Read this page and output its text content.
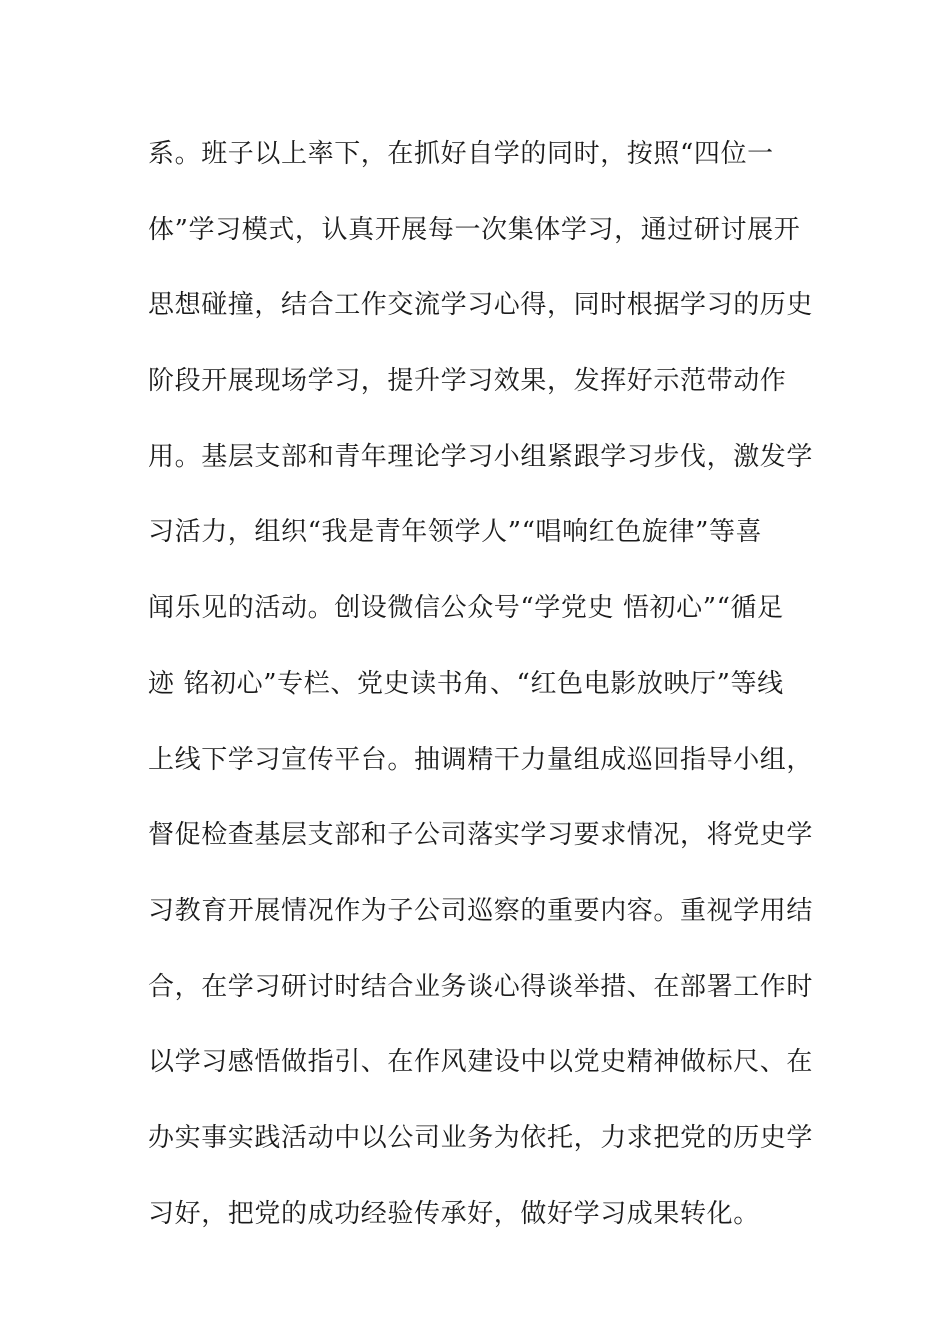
系。班子以上率下，在抓好自学的同时，按照“四位一
体”学习模式，认真开展每一次集体学习，通过研讨展开
思想碰撞，结合工作交流学习心得，同时根据学习的历史
阶段开展现场学习，提升学习效果，发挥好示范带动作
用。基层支部和青年理论学习小组紧跟学习步伐，激发学
习活力，组织“我是青年领学人”“唱响红色旋律”等喜
闻乐见的活动。创设微信公众号“学党史 悟初心”“循足
迹 铭初心”专栏、党史读书角、“红色电影放映厅”等线
上线下学习宣传平台。抽调精干力量组成巡回指导小组，
督促检查基层支部和子公司落实学习要求情况，将党史学
习教育开展情况作为子公司巡察的重要内容。重视学用结
合，在学习研讨时结合业务谈心得谈举措、在部署工作时
以学习感悟做指引、在作风建设中以党史精神做标尺、在
办实事实践活动中以公司业务为依托，力求把党的历史学
习好，把党的成功经验传承好，做好学习成果转化。
